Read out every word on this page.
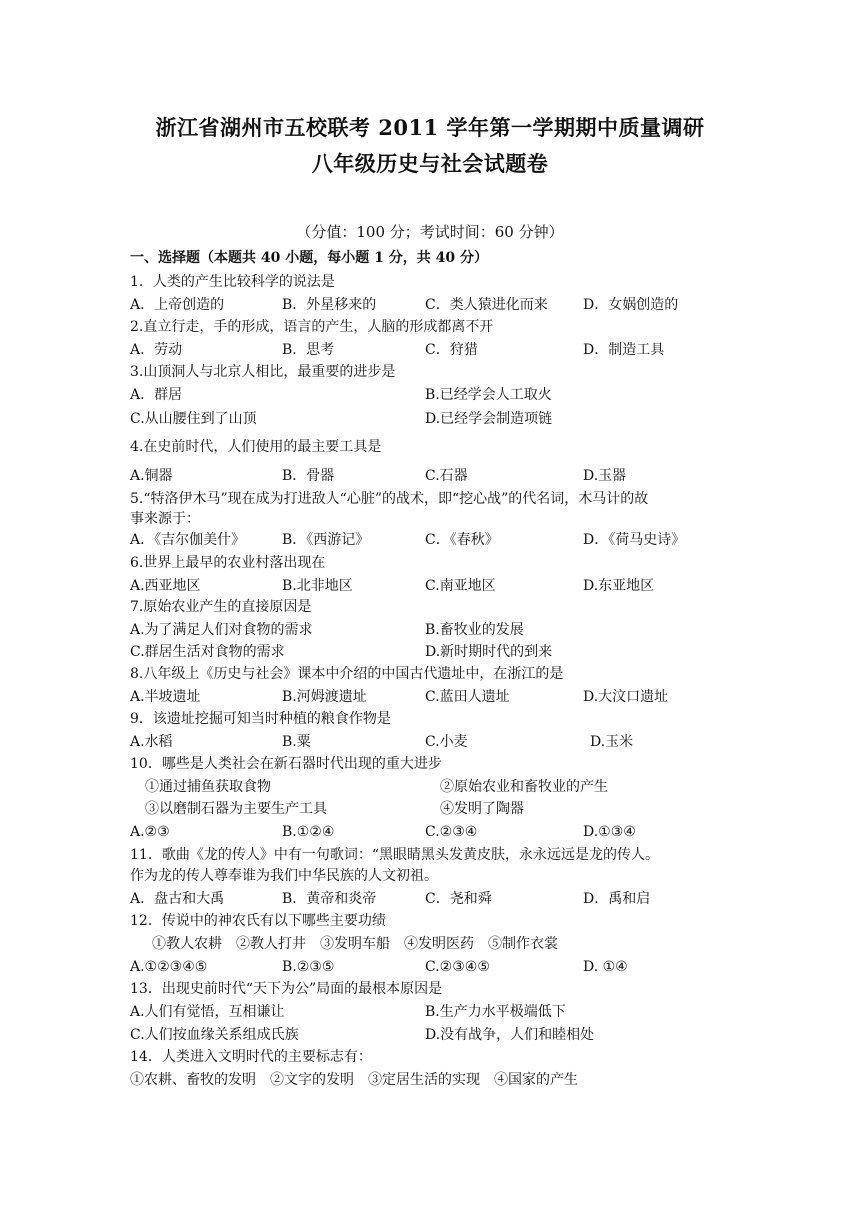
浙江省湖州市五校联考 2011 学年第一学期期中质量调研
八年级历史与社会试题卷
（分值：100 分；考试时间：60 分钟）
一、选择题（本题共 40 小题，每小题 1 分，共 40 分）
1．人类的产生比较科学的说法是
A．上帝创造的	B．外星移来的	C．类人猿进化而来	D．女娲创造的
2.直立行走，手的形成，语言的产生，人脑的形成都离不开
A．劳动	B．思考	C．狩猎	D．制造工具
3.山顶洞人与北京人相比，最重要的进步是
A．群居	B.已经学会人工取火
C.从山腰住到了山顶	D.已经学会制造项链
4.在史前时代，人们使用的最主要工具是
A.铜器	B．骨器	C.石器	D.玉器
5.“特洛伊木马”现在成为打进敌人“心脏”的战术，即“挖心战”的代名词，木马计的故
事来源于：
A．《吉尔伽美什》	B．《西游记》	C．《春秋》	D．《荷马史诗》
6.世界上最早的农业村落出现在
A.西亚地区	B.北非地区	C.南亚地区	D.东亚地区
7.原始农业产生的直接原因是
A.为了满足人们对食物的需求	B.畜牧业的发展
C.群居生活对食物的需求	D.新时期时代的到来
8.八年级上《历史与社会》课本中介绍的中国古代遗址中，在浙江的是
A.半坡遗址	B.河姆渡遗址	C.蓝田人遗址	D.大汶口遗址
9．该遗址挖掘可知当时种植的粮食作物是
A.水稻	B.粟	C.小麦	D.玉米
10．哪些是人类社会在新石器时代出现的重大进步
①通过捕鱼获取食物	②原始农业和畜牧业的产生
③以磨制石器为主要生产工具	④发明了陶器
A.②③	B.①②④	C.②③④	D.①③④
11．歌曲《龙的传人》中有一句歌词：“黑眼睛黑头发黄皮肤，永永远远是龙的传人。
作为龙的传人尊奉谁为我们中华民族的人文初祖。
A．盘古和大禹	B．黄帝和炎帝	C．尧和舜	D．禹和启
12．传说中的神农氏有以下哪些主要功绩
①教人农耕　②教人打井　③发明车船　④发明医药　⑤制作衣裳
A.①②③④⑤	B.②③⑤	C.②③④⑤	D. ①④
13．出现史前时代“天下为公”局面的最根本原因是
A.人们有觉悟，互相谦让	B.生产力水平极端低下
C.人们按血缘关系组成氏族	D.没有战争，人们和睦相处
14．人类进入文明时代的主要标志有：
①农耕、畜牧的发明　②文字的发明　③定居生活的实现　④国家的产生
